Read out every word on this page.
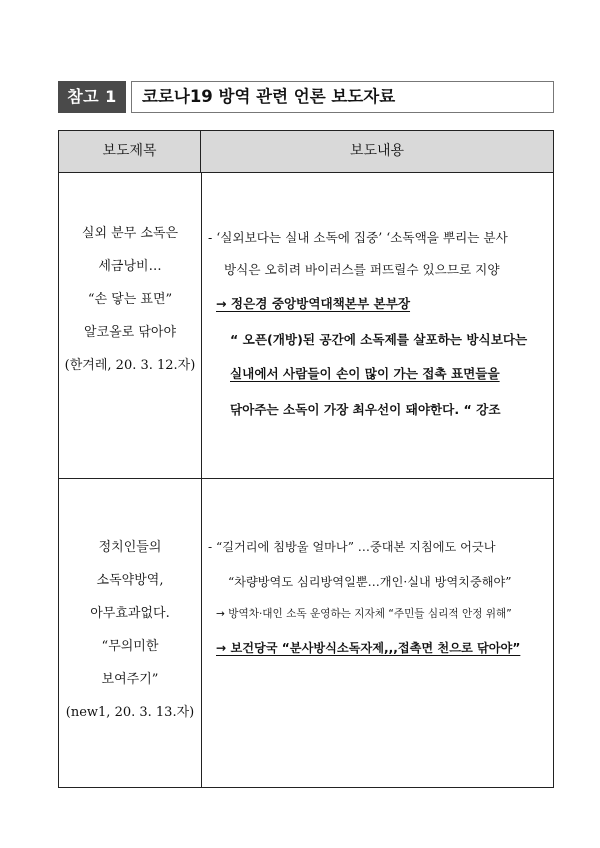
참고 1	코로나19 방역 관련 언론 보도자료
보도제목	보도내용
실외 분무 소독은
세금낭비…
“손 닿는 표면”
알코올로 닦아야
(한겨레, 20. 3. 12.자)
- ‘실외보다는 실내 소독에 집중’ ‘소독액을 뿌리는 분사
방식은 오히려 바이러스를 퍼뜨릴수 있으므로 지양
→ 정은경 중앙방역대책본부 본부장
“ 오픈(개방)된 공간에 소독제를 살포하는 방식보다는
실내에서 사람들이 손이 많이 가는 접촉 표면들을
닦아주는 소독이 가장 최우선이 돼야한다. “ 강조
정치인들의
소독약방역,
아무효과없다.
“무의미한
보여주기”
(new1, 20. 3. 13.자)
- “길거리에 침방울 얼마나” …중대본 지침에도 어긋나
“차량방역도 심리방역일뿐…개인·실내 방역치중해야”
→ 방역차·대인 소독 운영하는 지자체 “주민들 심리적 안정 위해”
→ 보건당국 “분사방식소독자제,,,접촉면 천으로 닦아야”
